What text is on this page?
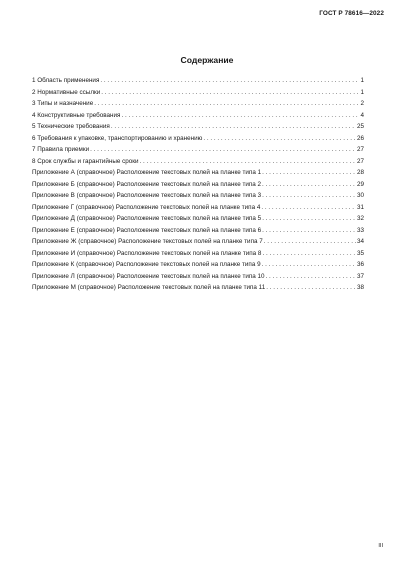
ГОСТ Р 78616—2022
Содержание
1 Область применения . . .	1
2 Нормативные ссылки . . .	1
3 Типы и назначение . . .	2
4 Конструктивные требования . . .	4
5 Технические требования . . .	25
6 Требования к упаковке, транспортированию и хранению . . .	26
7 Правила приемки . . .	27
8 Срок службы и гарантийные сроки . . .	27
Приложение А (справочное) Расположение текстовых полей на планке типа 1 . . .	28
Приложение Б (справочное) Расположение текстовых полей на планке типа 2 . . .	29
Приложение В (справочное) Расположение текстовых полей на планке типа 3 . . .	30
Приложение Г (справочное) Расположение текстовых полей на планке типа 4 . . .	31
Приложение Д (справочное) Расположение текстовых полей на планке типа 5 . . .	32
Приложение Е (справочное) Расположение текстовых полей на планке типа 6 . . .	33
Приложение Ж (справочное) Расположение текстовых полей на планке типа 7 . . .	34
Приложение И (справочное) Расположение текстовых полей на планке типа 8 . . .	35
Приложение К (справочное) Расположение текстовых полей на планке типа 9 . . .	36
Приложение Л (справочное) Расположение текстовых полей на планке типа 10 . . .	37
Приложение М (справочное) Расположение текстовых полей на планке типа 11 . . .	38
III
